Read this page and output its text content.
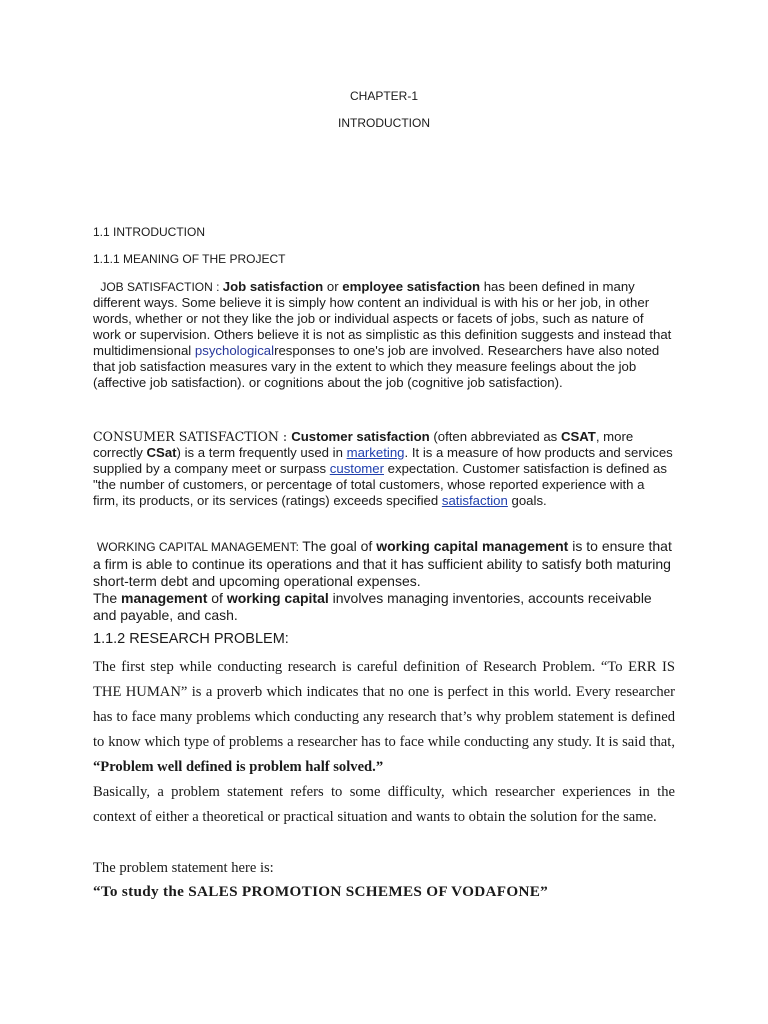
CHAPTER-1
INTRODUCTION
1.1 INTRODUCTION
1.1.1 MEANING OF THE PROJECT
JOB SATISFACTION : Job satisfaction or employee satisfaction has been defined in many different ways. Some believe it is simply how content an individual is with his or her job, in other words, whether or not they like the job or individual aspects or facets of jobs, such as nature of work or supervision. Others believe it is not as simplistic as this definition suggests and instead that multidimensional psychologicalresponses to one's job are involved. Researchers have also noted that job satisfaction measures vary in the extent to which they measure feelings about the job (affective job satisfaction). or cognitions about the job (cognitive job satisfaction).
CONSUMER SATISFACTION : Customer satisfaction (often abbreviated as CSAT, more correctly CSat) is a term frequently used in marketing. It is a measure of how products and services supplied by a company meet or surpass customer expectation. Customer satisfaction is defined as "the number of customers, or percentage of total customers, whose reported experience with a firm, its products, or its services (ratings) exceeds specified satisfaction goals.
WORKING CAPITAL MANAGEMENT: The goal of working capital management is to ensure that a firm is able to continue its operations and that it has sufficient ability to satisfy both maturing short-term debt and upcoming operational expenses.
The management of working capital involves managing inventories, accounts receivable and payable, and cash.
1.1.2 RESEARCH PROBLEM:
The first step while conducting research is careful definition of Research Problem. “To ERR IS THE HUMAN” is a proverb which indicates that no one is perfect in this world. Every researcher has to face many problems which conducting any research that’s why problem statement is defined to know which type of problems a researcher has to face while conducting any study. It is said that, “Problem well defined is problem half solved.”
Basically, a problem statement refers to some difficulty, which researcher experiences in the context of either a theoretical or practical situation and wants to obtain the solution for the same.
The problem statement here is:
“To study the SALES PROMOTION SCHEMES OF VODAFONE”
